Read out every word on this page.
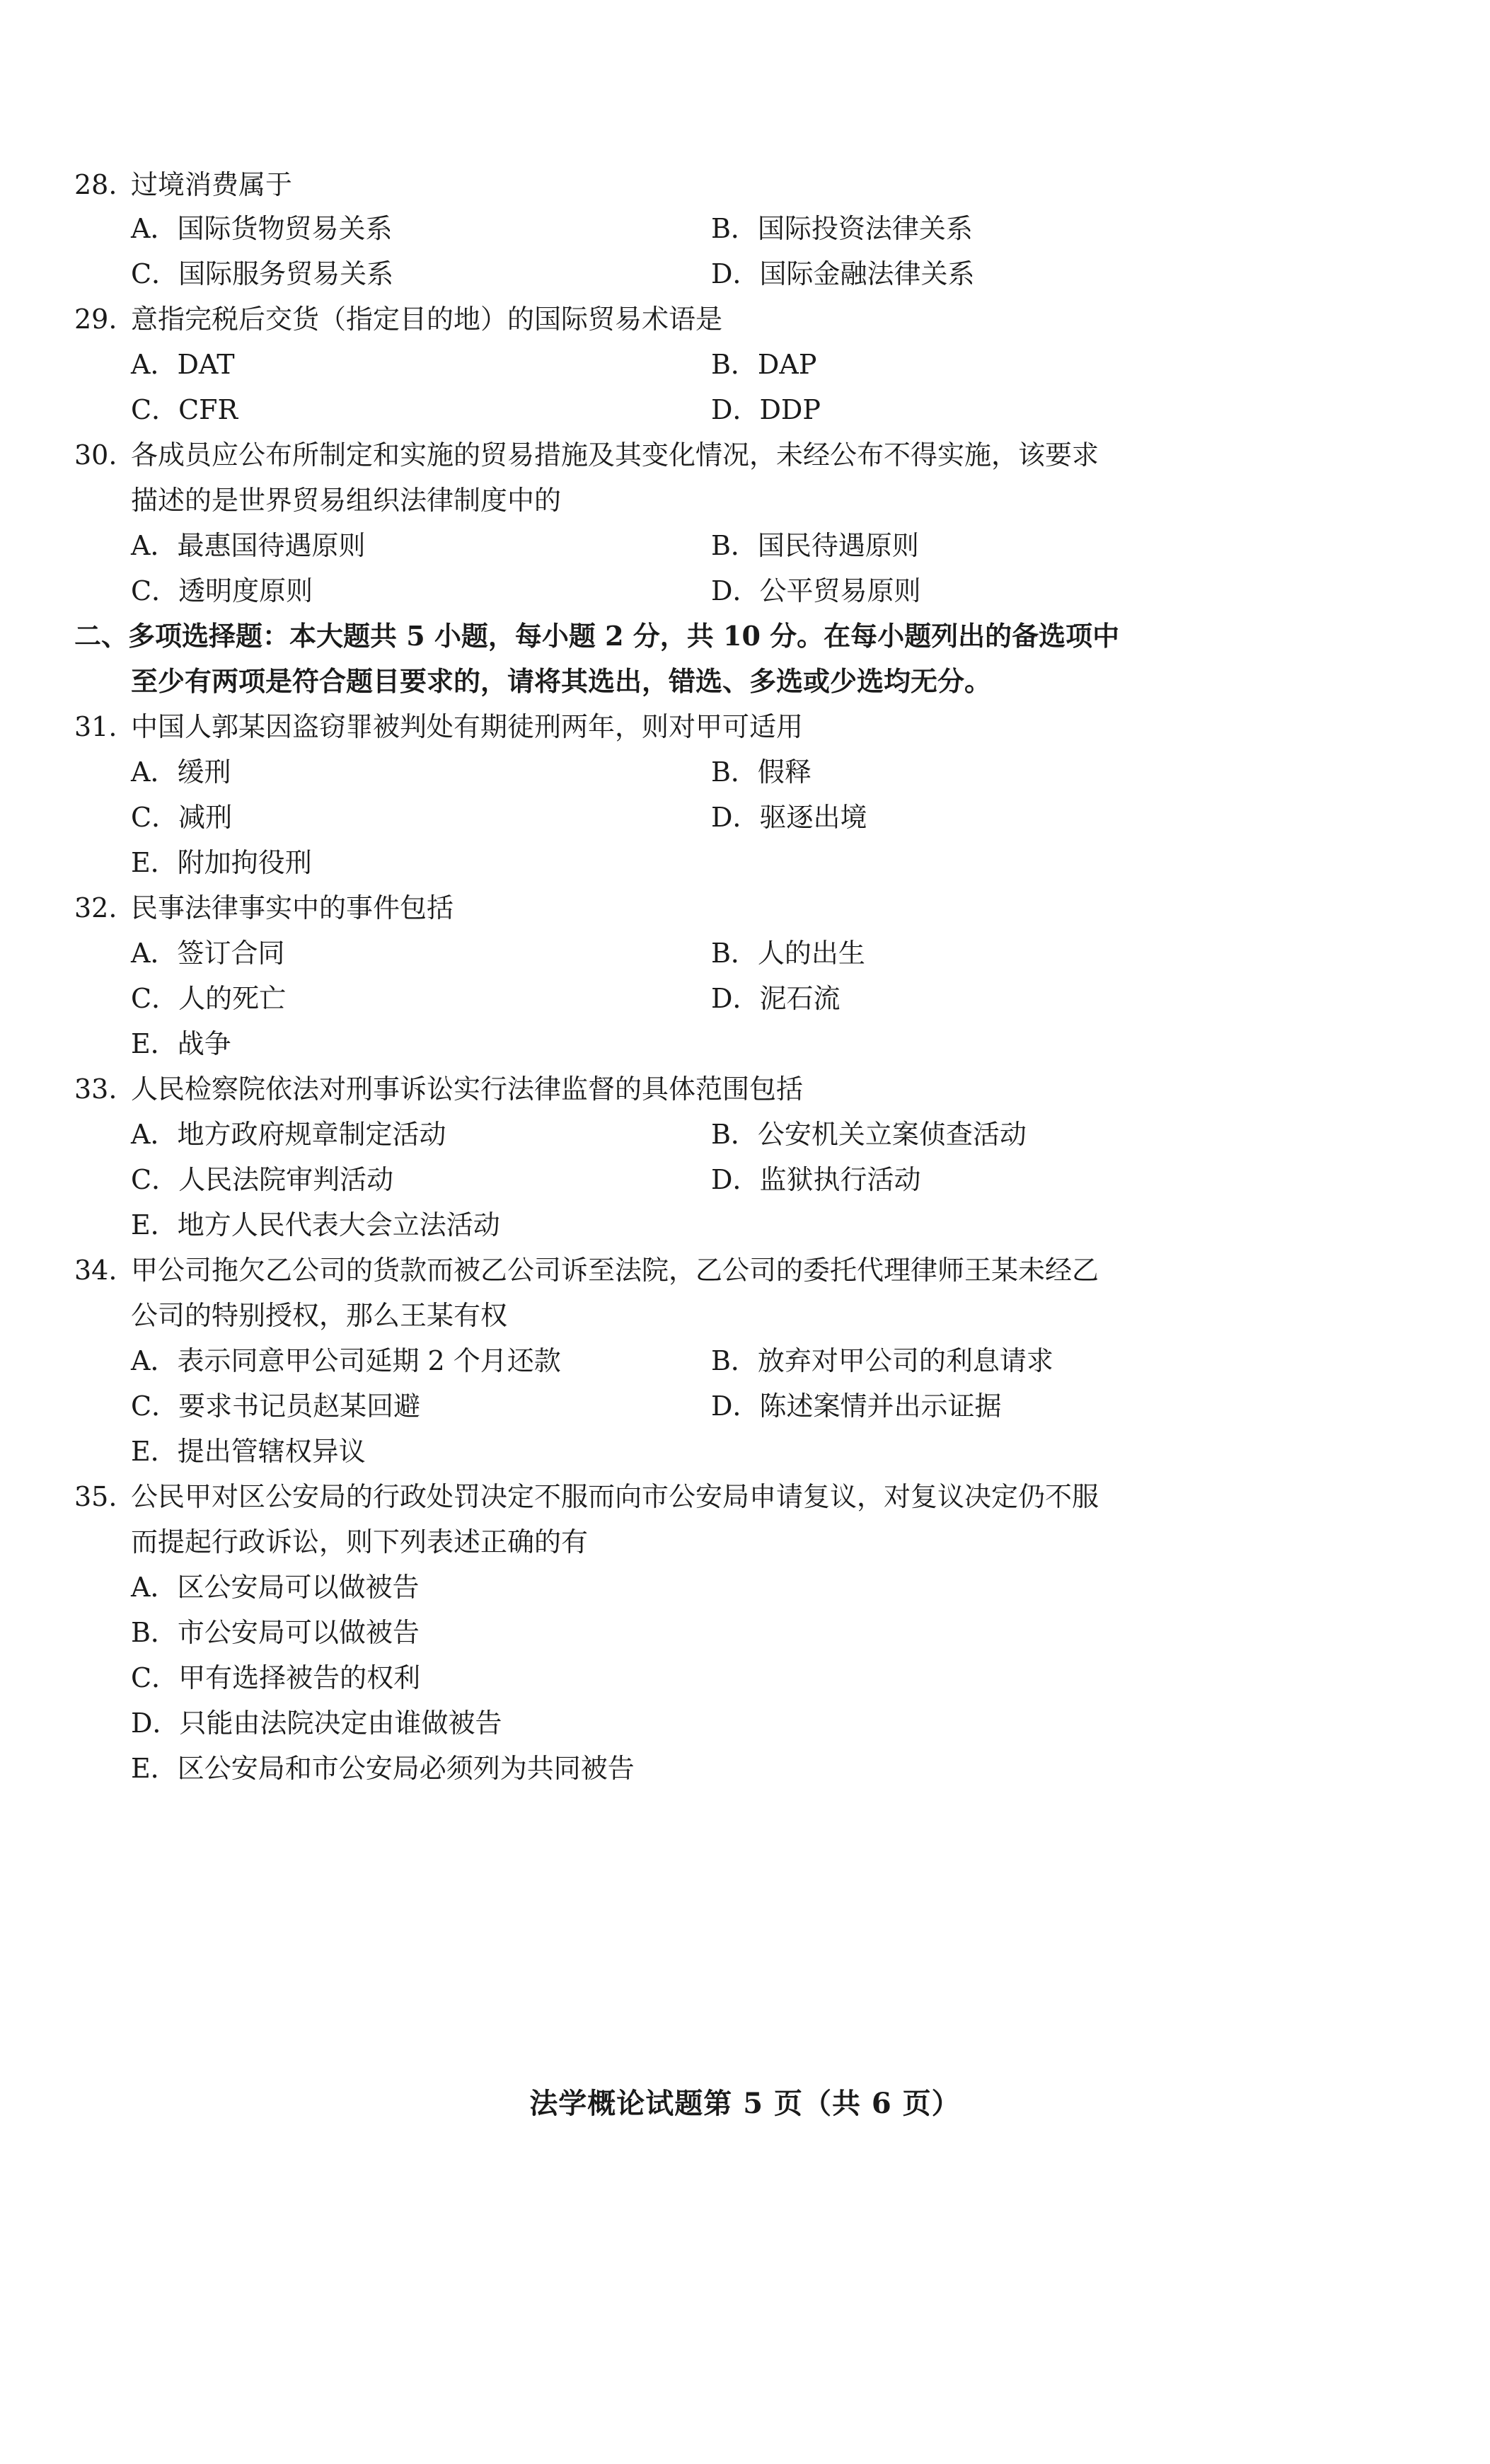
28. 过境消费属于
A．国际货物贸易关系	B．国际投资法律关系
C．国际服务贸易关系	D．国际金融法律关系
29. 意指完税后交货（指定目的地）的国际贸易术语是
A．DAT	B．DAP
C．CFR	D．DDP
30. 各成员应公布所制定和实施的贸易措施及其变化情况，未经公布不得实施，该要求
描述的是世界贸易组织法律制度中的
A．最惠国待遇原则	B．国民待遇原则
C．透明度原则	D．公平贸易原则
二、多项选择题：本大题共 5 小题，每小题 2 分，共 10 分。在每小题列出的备选项中
至少有两项是符合题目要求的，请将其选出，错选、多选或少选均无分。
31. 中国人郭某因盗窃罪被判处有期徒刑两年，则对甲可适用
A．缓刑	B．假释
C．减刑	D．驱逐出境
E．附加拘役刑
32. 民事法律事实中的事件包括
A．签订合同	B．人的出生
C．人的死亡	D．泥石流
E．战争
33. 人民检察院依法对刑事诉讼实行法律监督的具体范围包括
A．地方政府规章制定活动	B．公安机关立案侦查活动
C．人民法院审判活动	D．监狱执行活动
E．地方人民代表大会立法活动
34. 甲公司拖欠乙公司的货款而被乙公司诉至法院，乙公司的委托代理律师王某未经乙
公司的特别授权，那么王某有权
A．表示同意甲公司延期 2 个月还款	B．放弃对甲公司的利息请求
C．要求书记员赵某回避	D．陈述案情并出示证据
E．提出管辖权异议
35. 公民甲对区公安局的行政处罚决定不服而向市公安局申请复议，对复议决定仍不服
而提起行政诉讼，则下列表述正确的有
A．区公安局可以做被告
B．市公安局可以做被告
C．甲有选择被告的权利
D．只能由法院决定由谁做被告
E．区公安局和市公安局必须列为共同被告
法学概论试题第 5 页（共 6 页）
